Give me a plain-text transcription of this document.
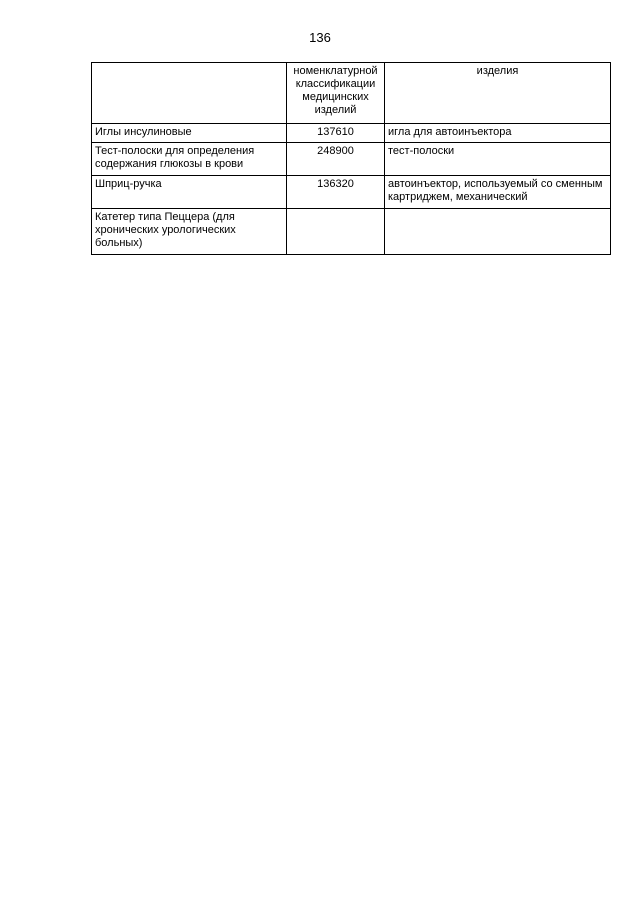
136
	номенклатурной классификации медицинских изделий	изделия
Иглы инсулиновые	137610	игла для автоинъектора
Тест-полоски для определения содержания глюкозы в крови	248900	тест-полоски
Шприц-ручка	136320	автоинъектор, используемый со сменным картриджем, механический
Катетер типа Пеццера (для хронических урологических больных)		
